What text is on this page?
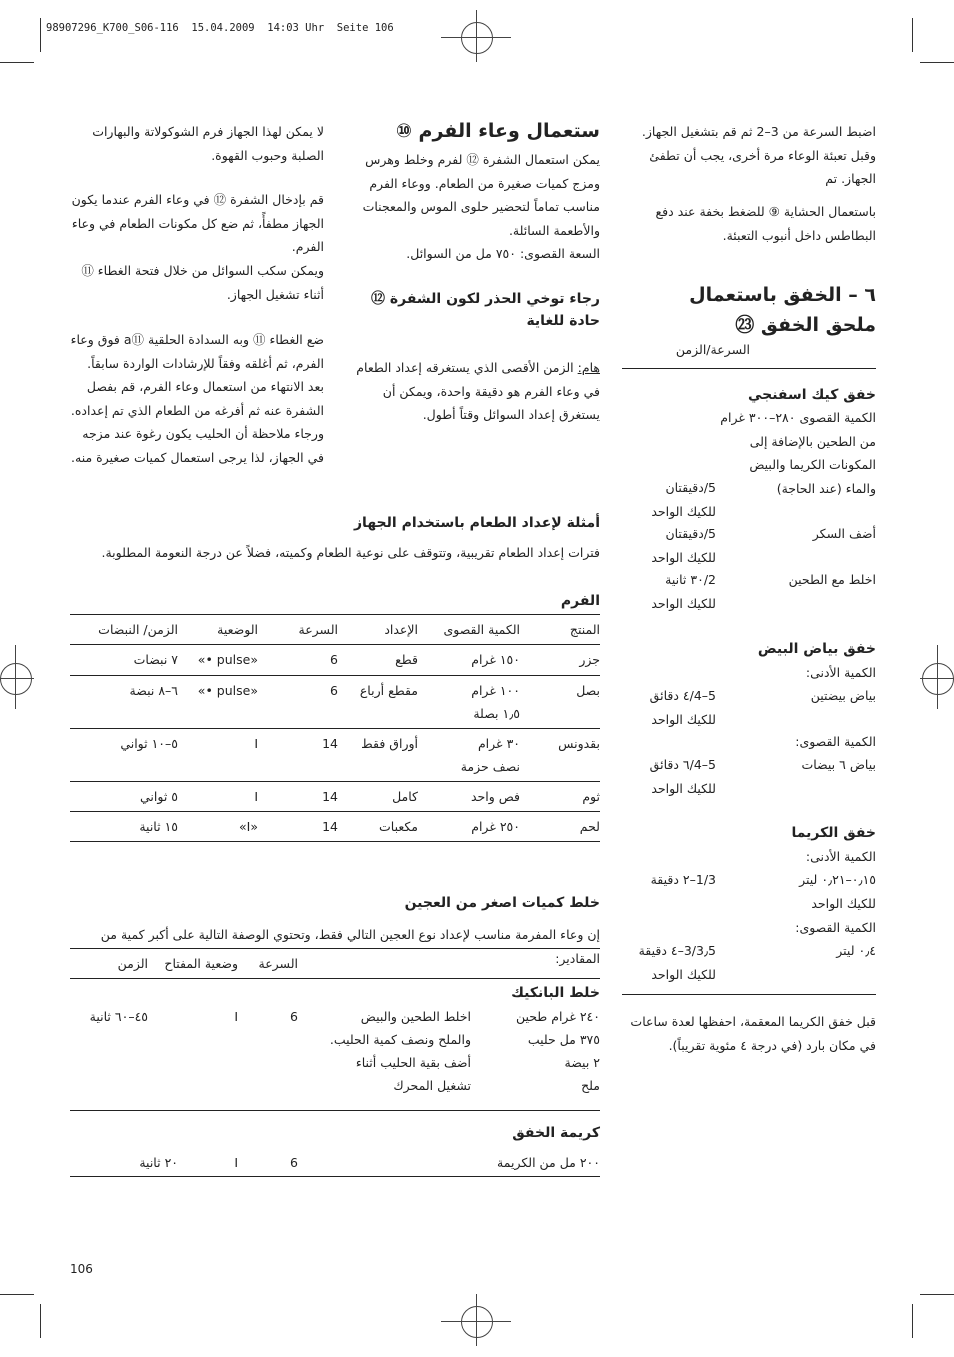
98907296_K700_S06-116  15.04.2009  14:03 Uhr  Seite 106
اضبط السرعة من 3–2 ثم قم بتشغيل الجهاز. وقبل تعبئة الوعاء مرة أخرى، يجب أن تطفئ الجهاز. تم
باستعمال الحشاية ⑨ للضغط بخفة عند دفع البطاطس داخل أنبوب التعبئة.
٦ – الخفق باستعمال ملحق الخفق ㉓
السرعة/الزمن
خفق كيك اسفنجي
الكمية القصوى ٢٨٠–٣٠٠ غرام
من الطحين بالإضافة إلى
المكونات الكريما والبيض
والماء (عند الحاجة)
5/دقيقتان
للكيك الواحد
أضف السكر
5/دقيقتان
للكيك الواحد
اخلط مع الطحين
2/٣٠ ثانية
للكيك الواحد
خفق بياض البيض
الكمية الأدنى:
بياض بيضتين
5–4/٤ دقائق
للكيك الواحد
الكمية القصوى:
بياض ٦ بيضات
5–4/٦ دقائق
للكيك الواحد
خفق الكريما
الكمية الأدنى:
٠٫١٥–٠٫٢١ ليتر
للكيك الواحد
1/3–٢ دقيقة
الكمية القصوى:
٠٫٤ ليتر
3/3٫5–٤ دقيقة
للكيك الواحد
قبل خفق الكريما المعقمة، احفظها لعدة ساعات في مكان بارد (في درجة ٤ مئوية تقريباً).
ستعمال وعاء الفرم ⑩
يمكن استعمال الشفرة ⑫ لفرم وخلط وهرس ومزج كميات صغيرة من الطعام. ووعاء الفرم مناسب تماماً لتحضير حلوى الموس والمعجنات والأطعمة السائلة.
السعة القصوى: ٧٥٠ مل من السوائل.
رجاء توخي الحذر لكون الشفرة ⑫ حادة للغاية
هام: الزمن الأقصى الذي يستغرقه إعداد الطعام في وعاء الفرم هو دقيقة واحدة، ويمكن أن يستغرق إعداد السوائل وقتاً أطول.
لا يمكن لهذا الجهاز فرم الشوكولاتة والبهارات الصلبة وحبوب القهوة.
قم بإدخال الشفرة ⑫ في وعاء الفرم عندما يكون الجهاز مطفأً، ثم ضع كل مكونات الطعام في وعاء الفرم.
ويمكن سكب السوائل من خلال فتحة الغطاء ⑪ أثناء تشغيل الجهاز.
ضع الغطاء ⑪ وبه السدادة الحلقية ⑪a فوق وعاء الفرم، ثم أغلقه وفقاً للإرشادات الواردة سابقاً. بعد الانتهاء من استعمال وعاء الفرم، قم بفصل الشفرة عنه ثم أفرغه من الطعام الذي تم إعداده. ورجاء ملاحظة أن الحليب يكون رغوة عند مزجه في الجهاز، لذا يرجى استعمال كميات صغيرة منه.
أمثلة لإعداد الطعام باستخدام الجهاز
فترات إعداد الطعام تقريبية، وتتوقف على نوعية الطعام وكميته، فضلاً عن درجة النعومة المطلوبة.
الفرم
المنتج
الكمية القصوى
الإعداد
السرعة
الوضعية
الزمن/ النبضات
جزر
١٥٠ غرام
قطع
6
«pulse •»
٧ نبضات
بصل
١٠٠ غرام
١٫٥ بصلة
مقطع أرباع
6
«pulse •»
٦–٨ نبضة
بقدونس
٣٠ غرام
نصف حزمة
أوراق فقط
14
I
٥–١٠ ثواني
ثوم
فص واحد
كامل
14
I
٥ ثواني
لحم
٢٥٠ غرام
مكعبات
14
«I»
١٥ ثانية
خلط كميات اصغر من العجين
إن وعاء المفرمة مناسب لإعداد نوع العجين التالي فقط، وتحتوي الوصفة التالية على أكبر كمية من المقادير:
السرعة
وضعية المفتاح
الزمن
خلط البانكيك
٢٤٠ غرام طحين
٣٧٥ مل حليب
٢ بيضة
ملح
اخلط الطحين والبيض
والملح ونصف كمية الحليب.
أضف بقية الحليب أثناء
تشغيل المحرك
6
I
٤٥–٦٠ ثانية
كريمة الخفق
٢٠٠ مل من الكريمة
6
I
٢٠ ثانية
106
